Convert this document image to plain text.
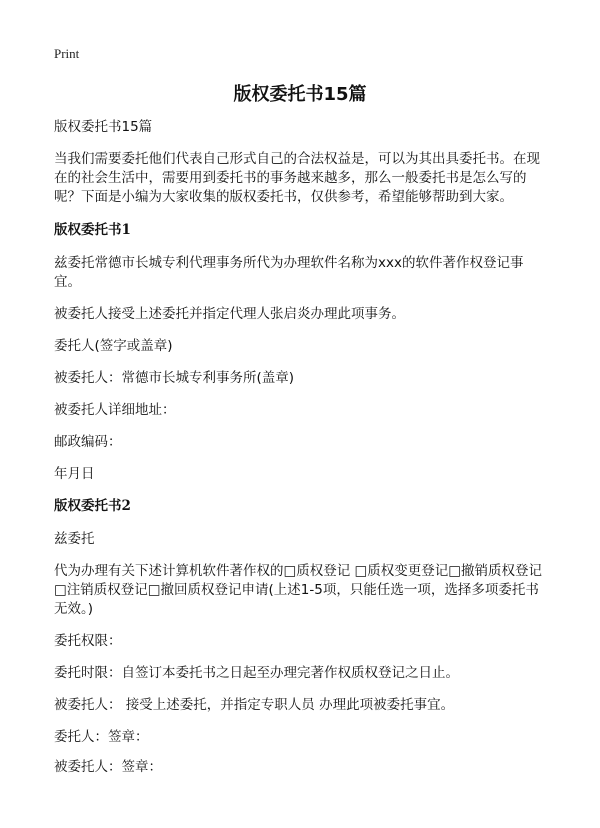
Print
版权委托书15篇

版权委托书15篇

当我们需要委托他们代表自己形式自己的合法权益是，可以为其出具委托书。在现在的社会生活中，需要用到委托书的事务越来越多，那么一般委托书是怎么写的呢？下面是小编为大家收集的版权委托书，仅供参考，希望能够帮助到大家。

版权委托书1

兹委托常德市长城专利代理事务所代为办理软件名称为xxx的软件著作权登记事宜。

被委托人接受上述委托并指定代理人张启炎办理此项事务。

委托人(签字或盖章)

被委托人：常德市长城专利事务所(盖章)

被委托人详细地址：

邮政编码：

年月日

版权委托书2

兹委托

代为办理有关下述计算机软件著作权的□质权登记 □质权变更登记□撤销质权登记□注销质权登记□撤回质权登记申请(上述1-5项，只能任选一项，选择多项委托书无效。)

委托权限：

委托时限：自签订本委托书之日起至办理完著作权质权登记之日止。

被委托人： 接受上述委托，并指定专职人员 办理此项被委托事宜。

委托人：签章：

被委托人：签章：
